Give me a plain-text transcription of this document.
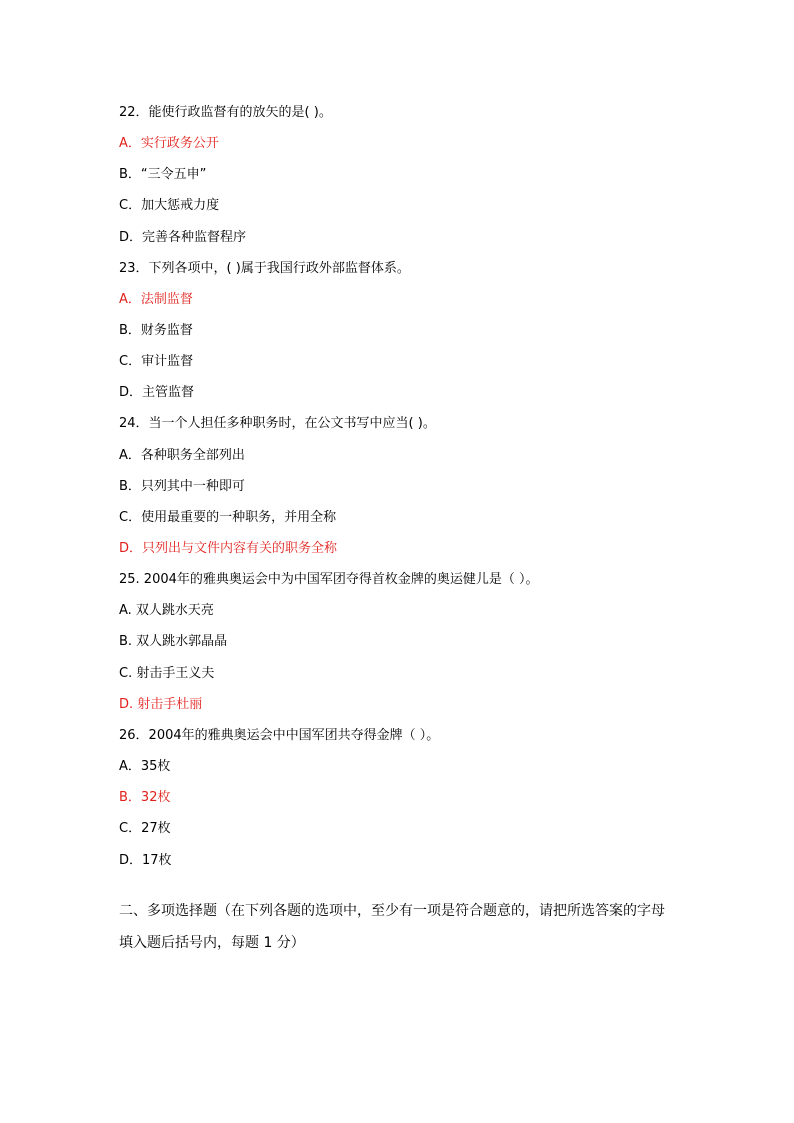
22．能使行政监督有的放矢的是( )。
A．实行政务公开
B．“三令五申”
C．加大惩戒力度
D．完善各种监督程序
23．下列各项中，( )属于我国行政外部监督体系。
A．法制监督
B．财务监督
C．审计监督
D．主管监督
24．当一个人担任多种职务时，在公文书写中应当( )。
A．各种职务全部列出
B．只列其中一种即可
C．使用最重要的一种职务，并用全称
D．只列出与文件内容有关的职务全称
25. 2004年的雅典奥运会中为中国军团夺得首枚金牌的奥运健儿是（ ）。
A. 双人跳水天亮
B. 双人跳水郭晶晶
C. 射击手王义夫
D. 射击手杜丽
26．2004年的雅典奥运会中中国军团共夺得金牌（ ）。
A．35枚
B．32枚
C．27枚
D．17枚
二、多项选择题（在下列各题的选项中，至少有一项是符合题意的，请把所选答案的字母
填入题后括号内，每题 1 分）
